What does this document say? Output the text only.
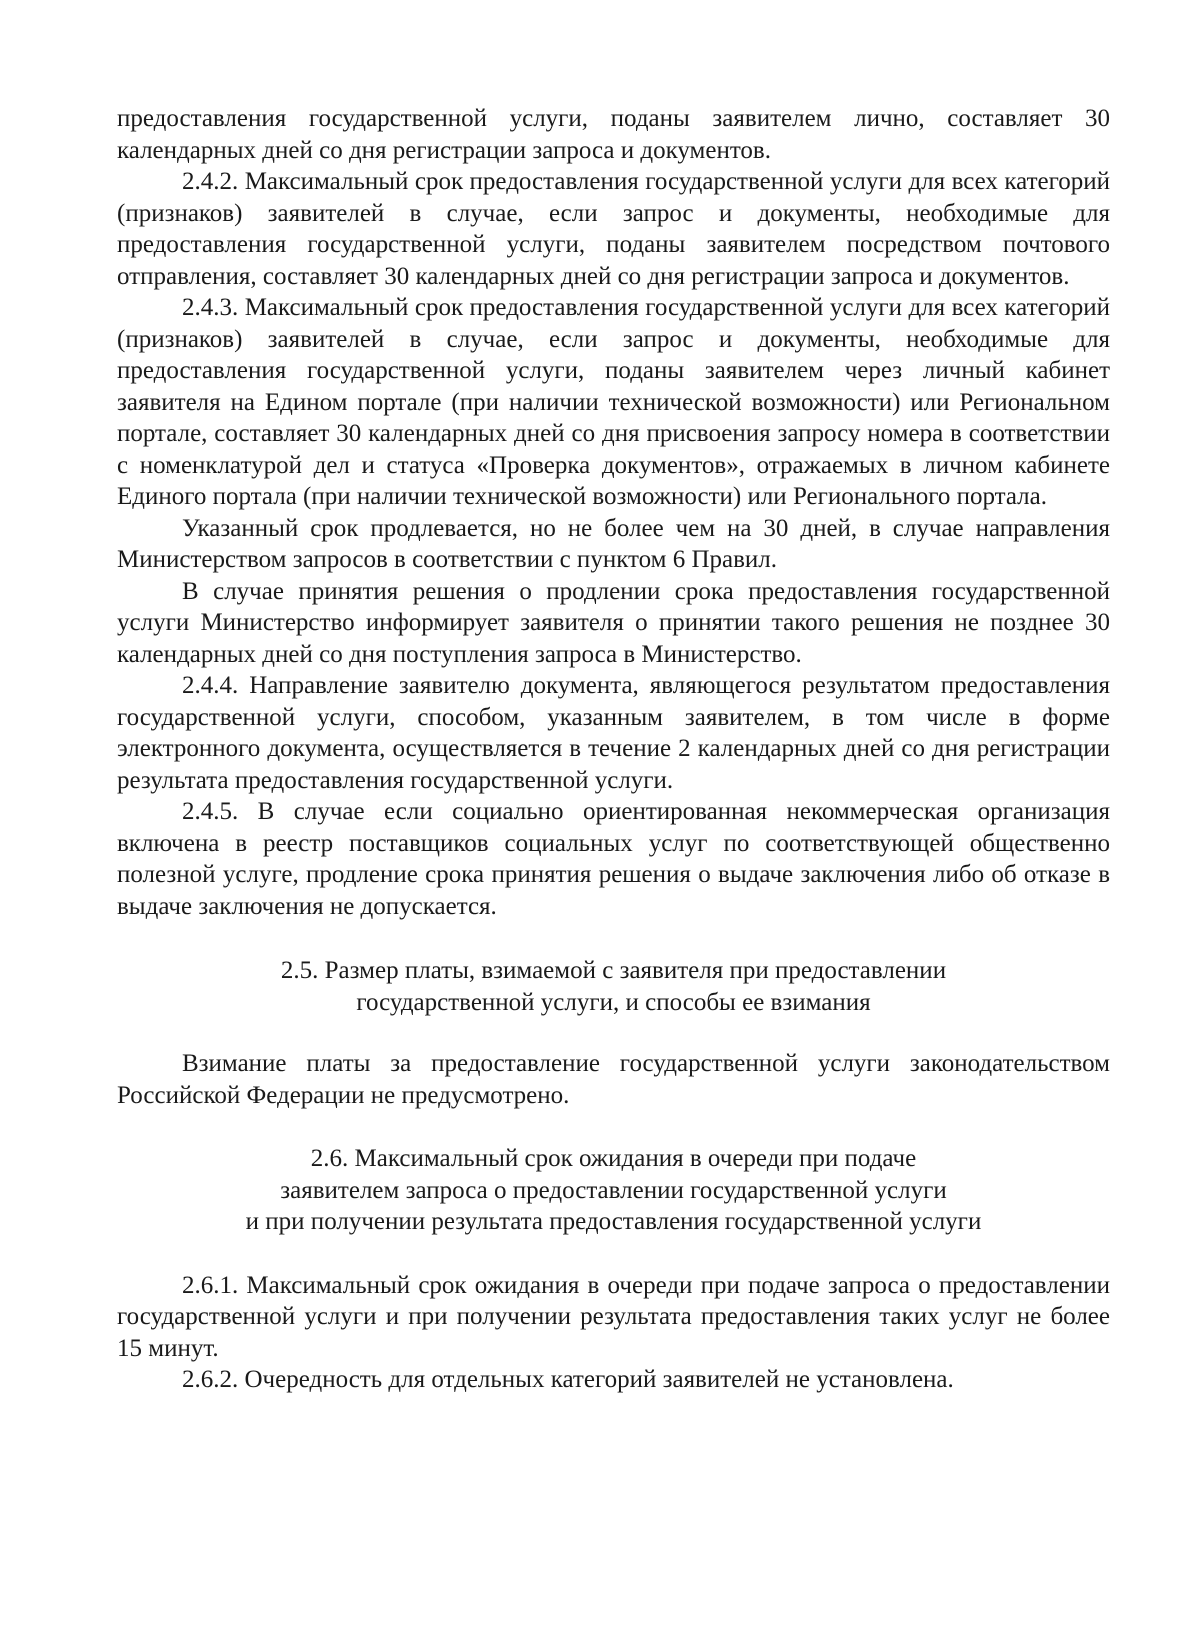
предоставления государственной услуги, поданы заявителем лично, составляет 30 календарных дней со дня регистрации запроса и документов.

2.4.2. Максимальный срок предоставления государственной услуги для всех категорий (признаков) заявителей в случае, если запрос и документы, необходимые для предоставления государственной услуги, поданы заявителем посредством почтового отправления, составляет 30 календарных дней со дня регистрации запроса и документов.

2.4.3. Максимальный срок предоставления государственной услуги для всех категорий (признаков) заявителей в случае, если запрос и документы, необходимые для предоставления государственной услуги, поданы заявителем через личный кабинет заявителя на Едином портале (при наличии технической возможности) или Региональном портале, составляет 30 календарных дней со дня присвоения запросу номера в соответствии с номенклатурой дел и статуса «Проверка документов», отражаемых в личном кабинете Единого портала (при наличии технической возможности) или Регионального портала.

Указанный срок продлевается, но не более чем на 30 дней, в случае направления Министерством запросов в соответствии с пунктом 6 Правил.

В случае принятия решения о продлении срока предоставления государственной услуги Министерство информирует заявителя о принятии такого решения не позднее 30 календарных дней со дня поступления запроса в Министерство.

2.4.4. Направление заявителю документа, являющегося результатом предоставления государственной услуги, способом, указанным заявителем, в том числе в форме электронного документа, осуществляется в течение 2 календарных дней со дня регистрации результата предоставления государственной услуги.

2.4.5. В случае если социально ориентированная некоммерческая организация включена в реестр поставщиков социальных услуг по соответствующей общественно полезной услуге, продление срока принятия решения о выдаче заключения либо об отказе в выдаче заключения не допускается.

2.5. Размер платы, взимаемой с заявителя при предоставлении
государственной услуги, и способы ее взимания

Взимание платы за предоставление государственной услуги законодательством Российской Федерации не предусмотрено.

2.6. Максимальный срок ожидания в очереди при подаче
заявителем запроса о предоставлении государственной услуги
и при получении результата предоставления государственной услуги

2.6.1. Максимальный срок ожидания в очереди при подаче запроса о предоставлении государственной услуги и при получении результата предоставления таких услуг не более 15 минут.

2.6.2. Очередность для отдельных категорий заявителей не установлена.
